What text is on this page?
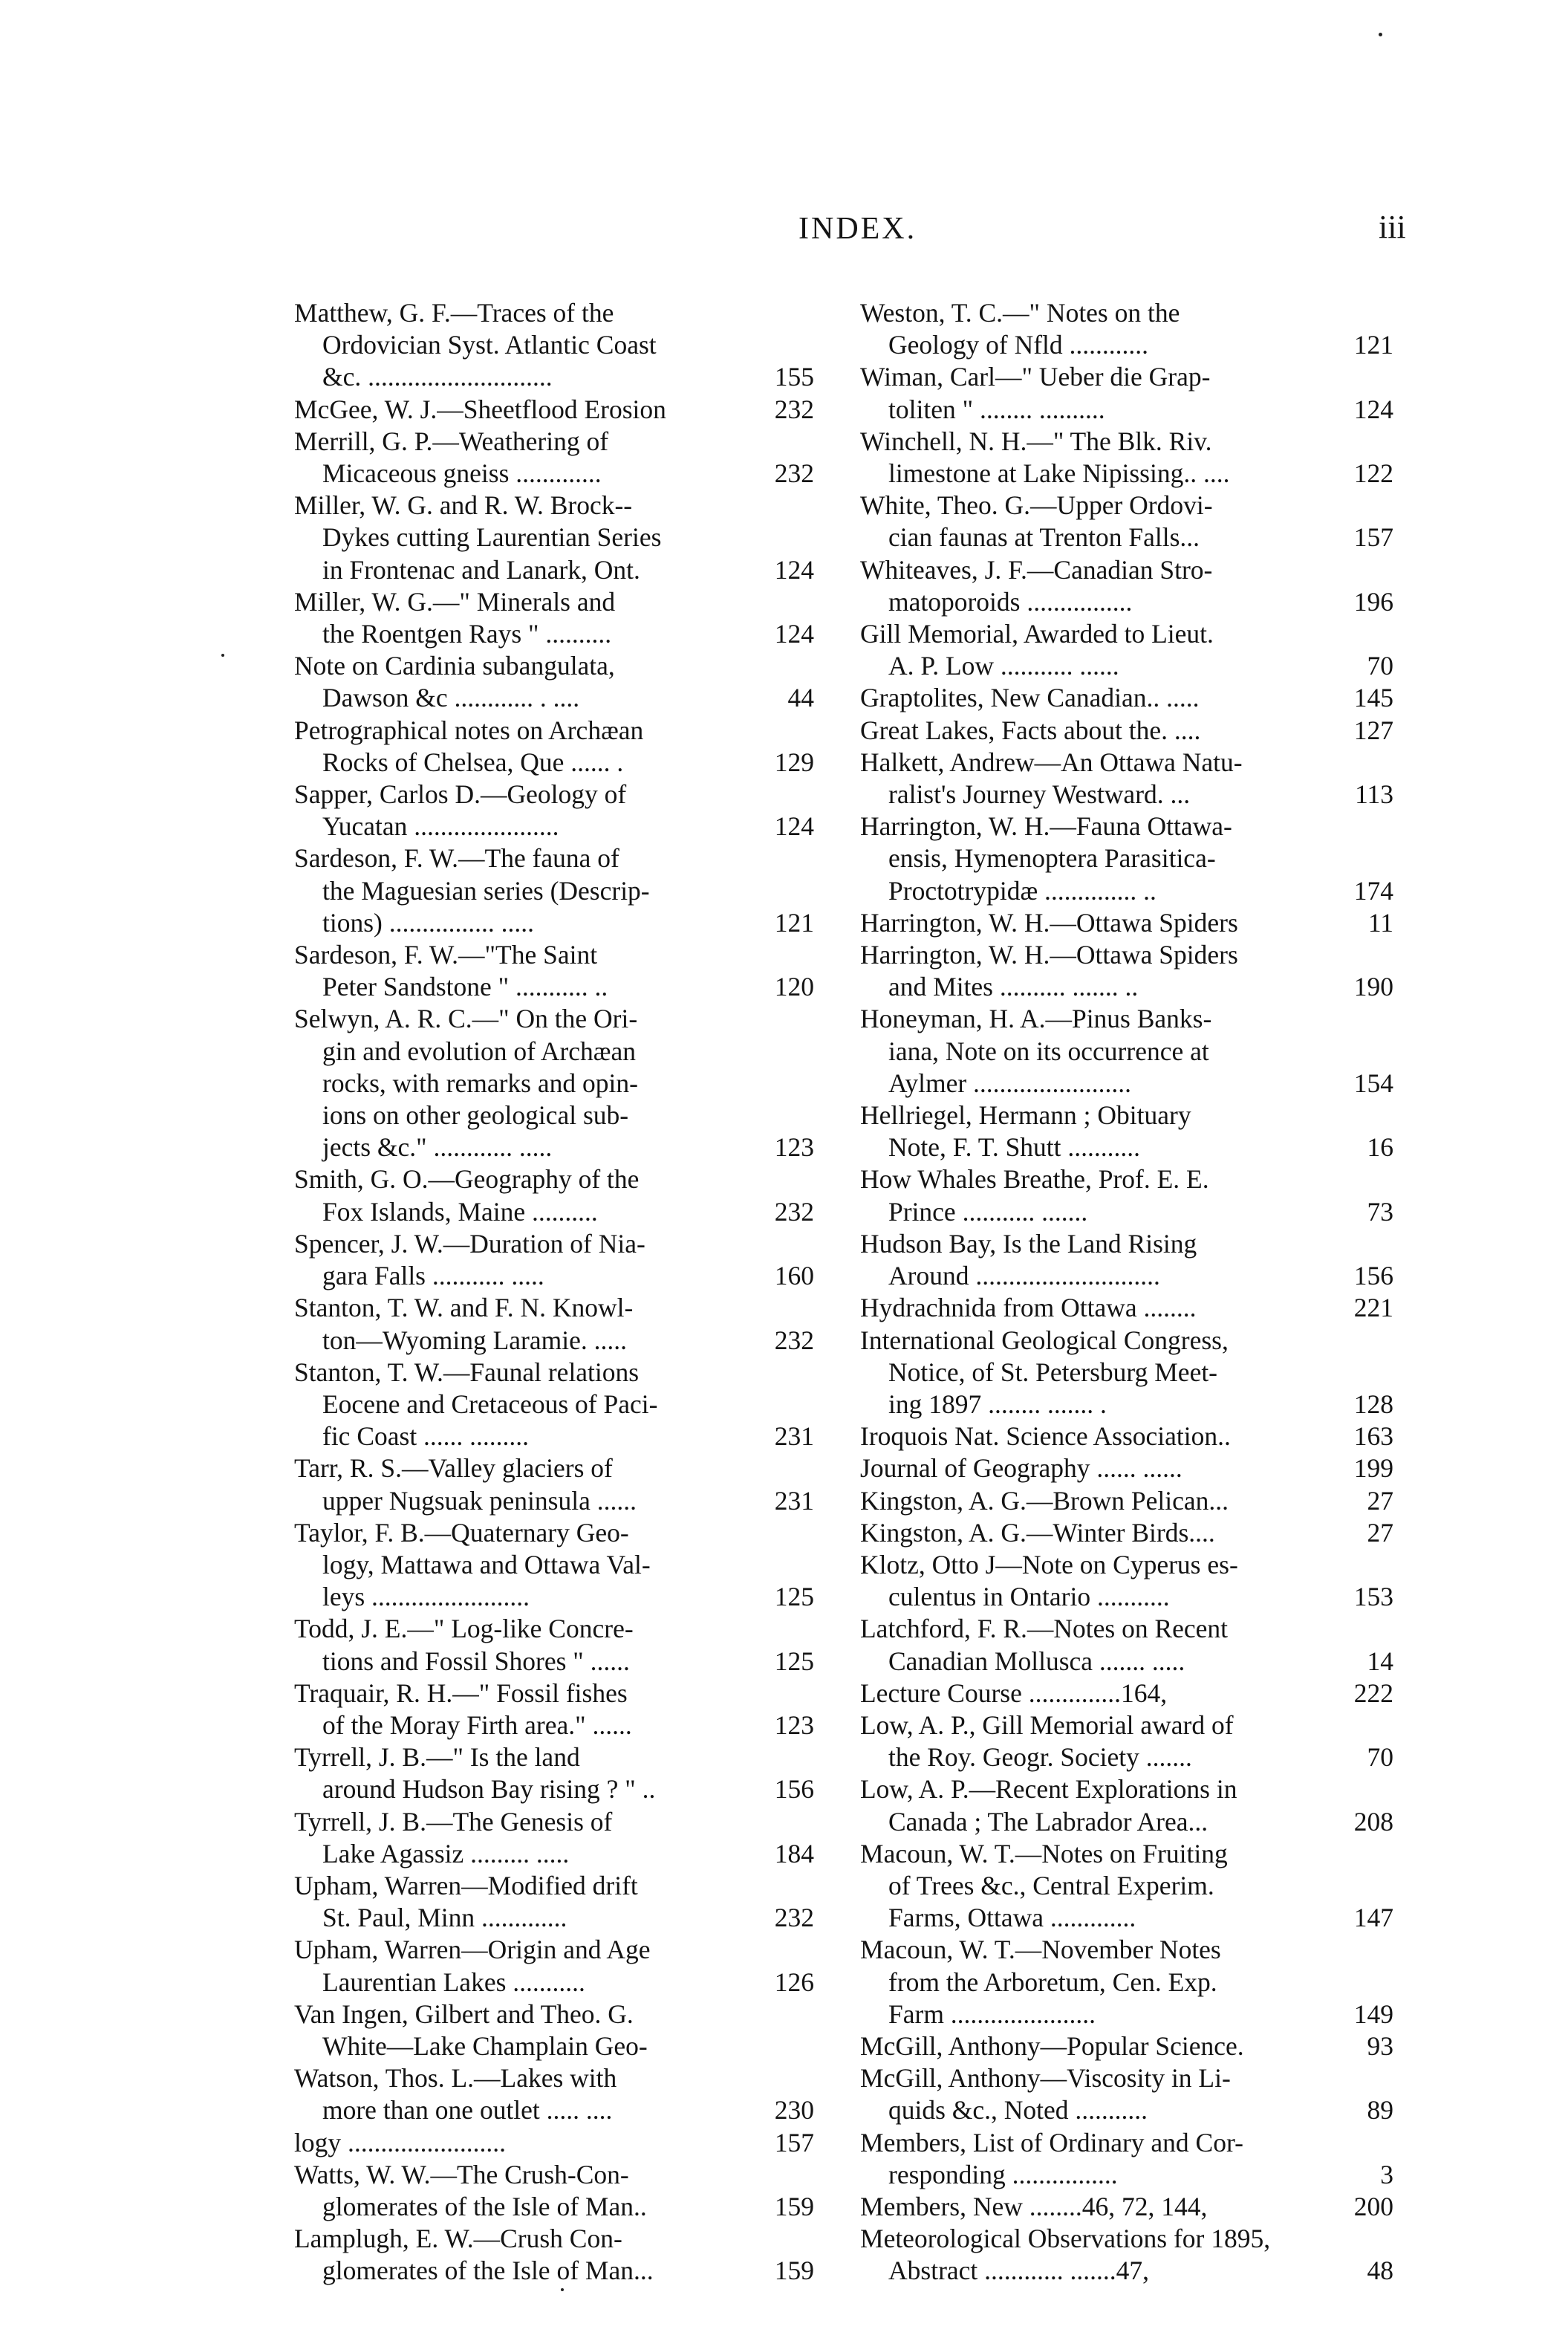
INDEX.	iii
Matthew, G. F.—Traces of the
Ordovician Syst. Atlantic Coast
&c. ............................	155
McGee, W. J.—Sheetflood Erosion	232
Merrill, G. P.—Weathering of
Micaceous gneiss .............	232
Miller, W. G. and R. W. Brock--
Dykes cutting Laurentian Series
in Frontenac and Lanark, Ont.	124
Miller, W. G.—" Minerals and
the Roentgen Rays " ..........	124
Note on Cardinia subangulata,
Dawson &c ............ . ....	44
Petrographical notes on Archæan
Rocks of Chelsea, Que ...... .	129
Sapper, Carlos D.—Geology of
Yucatan ......................	124
Sardeson, F. W.—The fauna of
the Maguesian series (Descrip-
tions) ................ .....	121
Sardeson, F. W.—"The Saint
Peter Sandstone " ........... ..	120
Selwyn, A. R. C.—" On the Ori-
gin and evolution of Archæan
rocks, with remarks and opin-
ions on other geological sub-
jects &c." ............ .....	123
Smith, G. O.—Geography of the
Fox Islands, Maine ..........	232
Spencer, J. W.—Duration of Nia-
gara Falls ........... .....	160
Stanton, T. W. and F. N. Knowl-
ton—Wyoming Laramie. .....	232
Stanton, T. W.—Faunal relations
Eocene and Cretaceous of Paci-
fic Coast ...... .........	231
Tarr, R. S.—Valley glaciers of
upper Nugsuak peninsula ......	231
Taylor, F. B.—Quaternary Geo-
logy, Mattawa and Ottawa Val-
leys ........................	125
Todd, J. E.—" Log-like Concre-
tions and Fossil Shores " ......	125
Traquair, R. H.—" Fossil fishes
of the Moray Firth area." ......	123
Tyrrell, J. B.—" Is the land
around Hudson Bay rising ? " ..	156
Tyrrell, J. B.—The Genesis of
Lake Agassiz ......... .....	184
Upham, Warren—Modified drift
St. Paul, Minn .............	232
Upham, Warren—Origin and Age
Laurentian Lakes ...........	126
Van Ingen, Gilbert and Theo. G.
White—Lake Champlain Geo-
Watson, Thos. L.—Lakes with
more than one outlet ..... ....	230
logy ........................	157
Watts, W. W.—The Crush-Con-
glomerates of the Isle of Man..	159
Lamplugh, E. W.—Crush Con-
glomerates of the Isle of Man...	159
Weston, T. C.—" Notes on the
Geology of Nfld ............	121
Wiman, Carl—" Ueber die Grap-
toliten " ........ ..........	124
Winchell, N. H.—" The Blk. Riv.
limestone at Lake Nipissing.. ....	122
White, Theo. G.—Upper Ordovi-
cian faunas at Trenton Falls...	157
Whiteaves, J. F.—Canadian Stro-
matoporoids ................	196
Gill Memorial, Awarded to Lieut.
A. P. Low ........... ......	70
Graptolites, New Canadian.. .....	145
Great Lakes, Facts about the. ....	127
Halkett, Andrew—An Ottawa Natu-
ralist's Journey Westward. ...	113
Harrington, W. H.—Fauna Ottawa-
ensis, Hymenoptera Parasitica-
Proctotrypidæ .............. ..	174
Harrington, W. H.—Ottawa Spiders	11
Harrington, W. H.—Ottawa Spiders
and Mites .......... ....... ..	190
Honeyman, H. A.—Pinus Banks-
iana, Note on its occurrence at
Aylmer ........................	154
Hellriegel, Hermann ; Obituary
Note, F. T. Shutt ...........	16
How Whales Breathe, Prof. E. E.
Prince ........... .......	73
Hudson Bay, Is the Land Rising
Around ............................	156
Hydrachnida from Ottawa ........	221
International Geological Congress,
Notice, of St. Petersburg Meet-
ing 1897 ........ ....... .	128
Iroquois Nat. Science Association..	163
Journal of Geography ...... ......	199
Kingston, A. G.—Brown Pelican...	27
Kingston, A. G.—Winter Birds....	27
Klotz, Otto J—Note on Cyperus es-
culentus in Ontario ...........	153
Latchford, F. R.—Notes on Recent
Canadian Mollusca ....... .....	14
Lecture Course ..............164,	222
Low, A. P., Gill Memorial award of
the Roy. Geogr. Society .......	70
Low, A. P.—Recent Explorations in
Canada ; The Labrador Area...	208
Macoun, W. T.—Notes on Fruiting
of Trees &c., Central Experim.
Farms, Ottawa .............	147
Macoun, W. T.—November Notes
from the Arboretum, Cen. Exp.
Farm ......................	149
McGill, Anthony—Popular Science.	93
McGill, Anthony—Viscosity in Li-
quids &c., Noted ...........	89
Members, List of Ordinary and Cor-
responding ................	3
Members, New ........46, 72, 144,	200
Meteorological Observations for 1895,
Abstract ............ .......47,	48
